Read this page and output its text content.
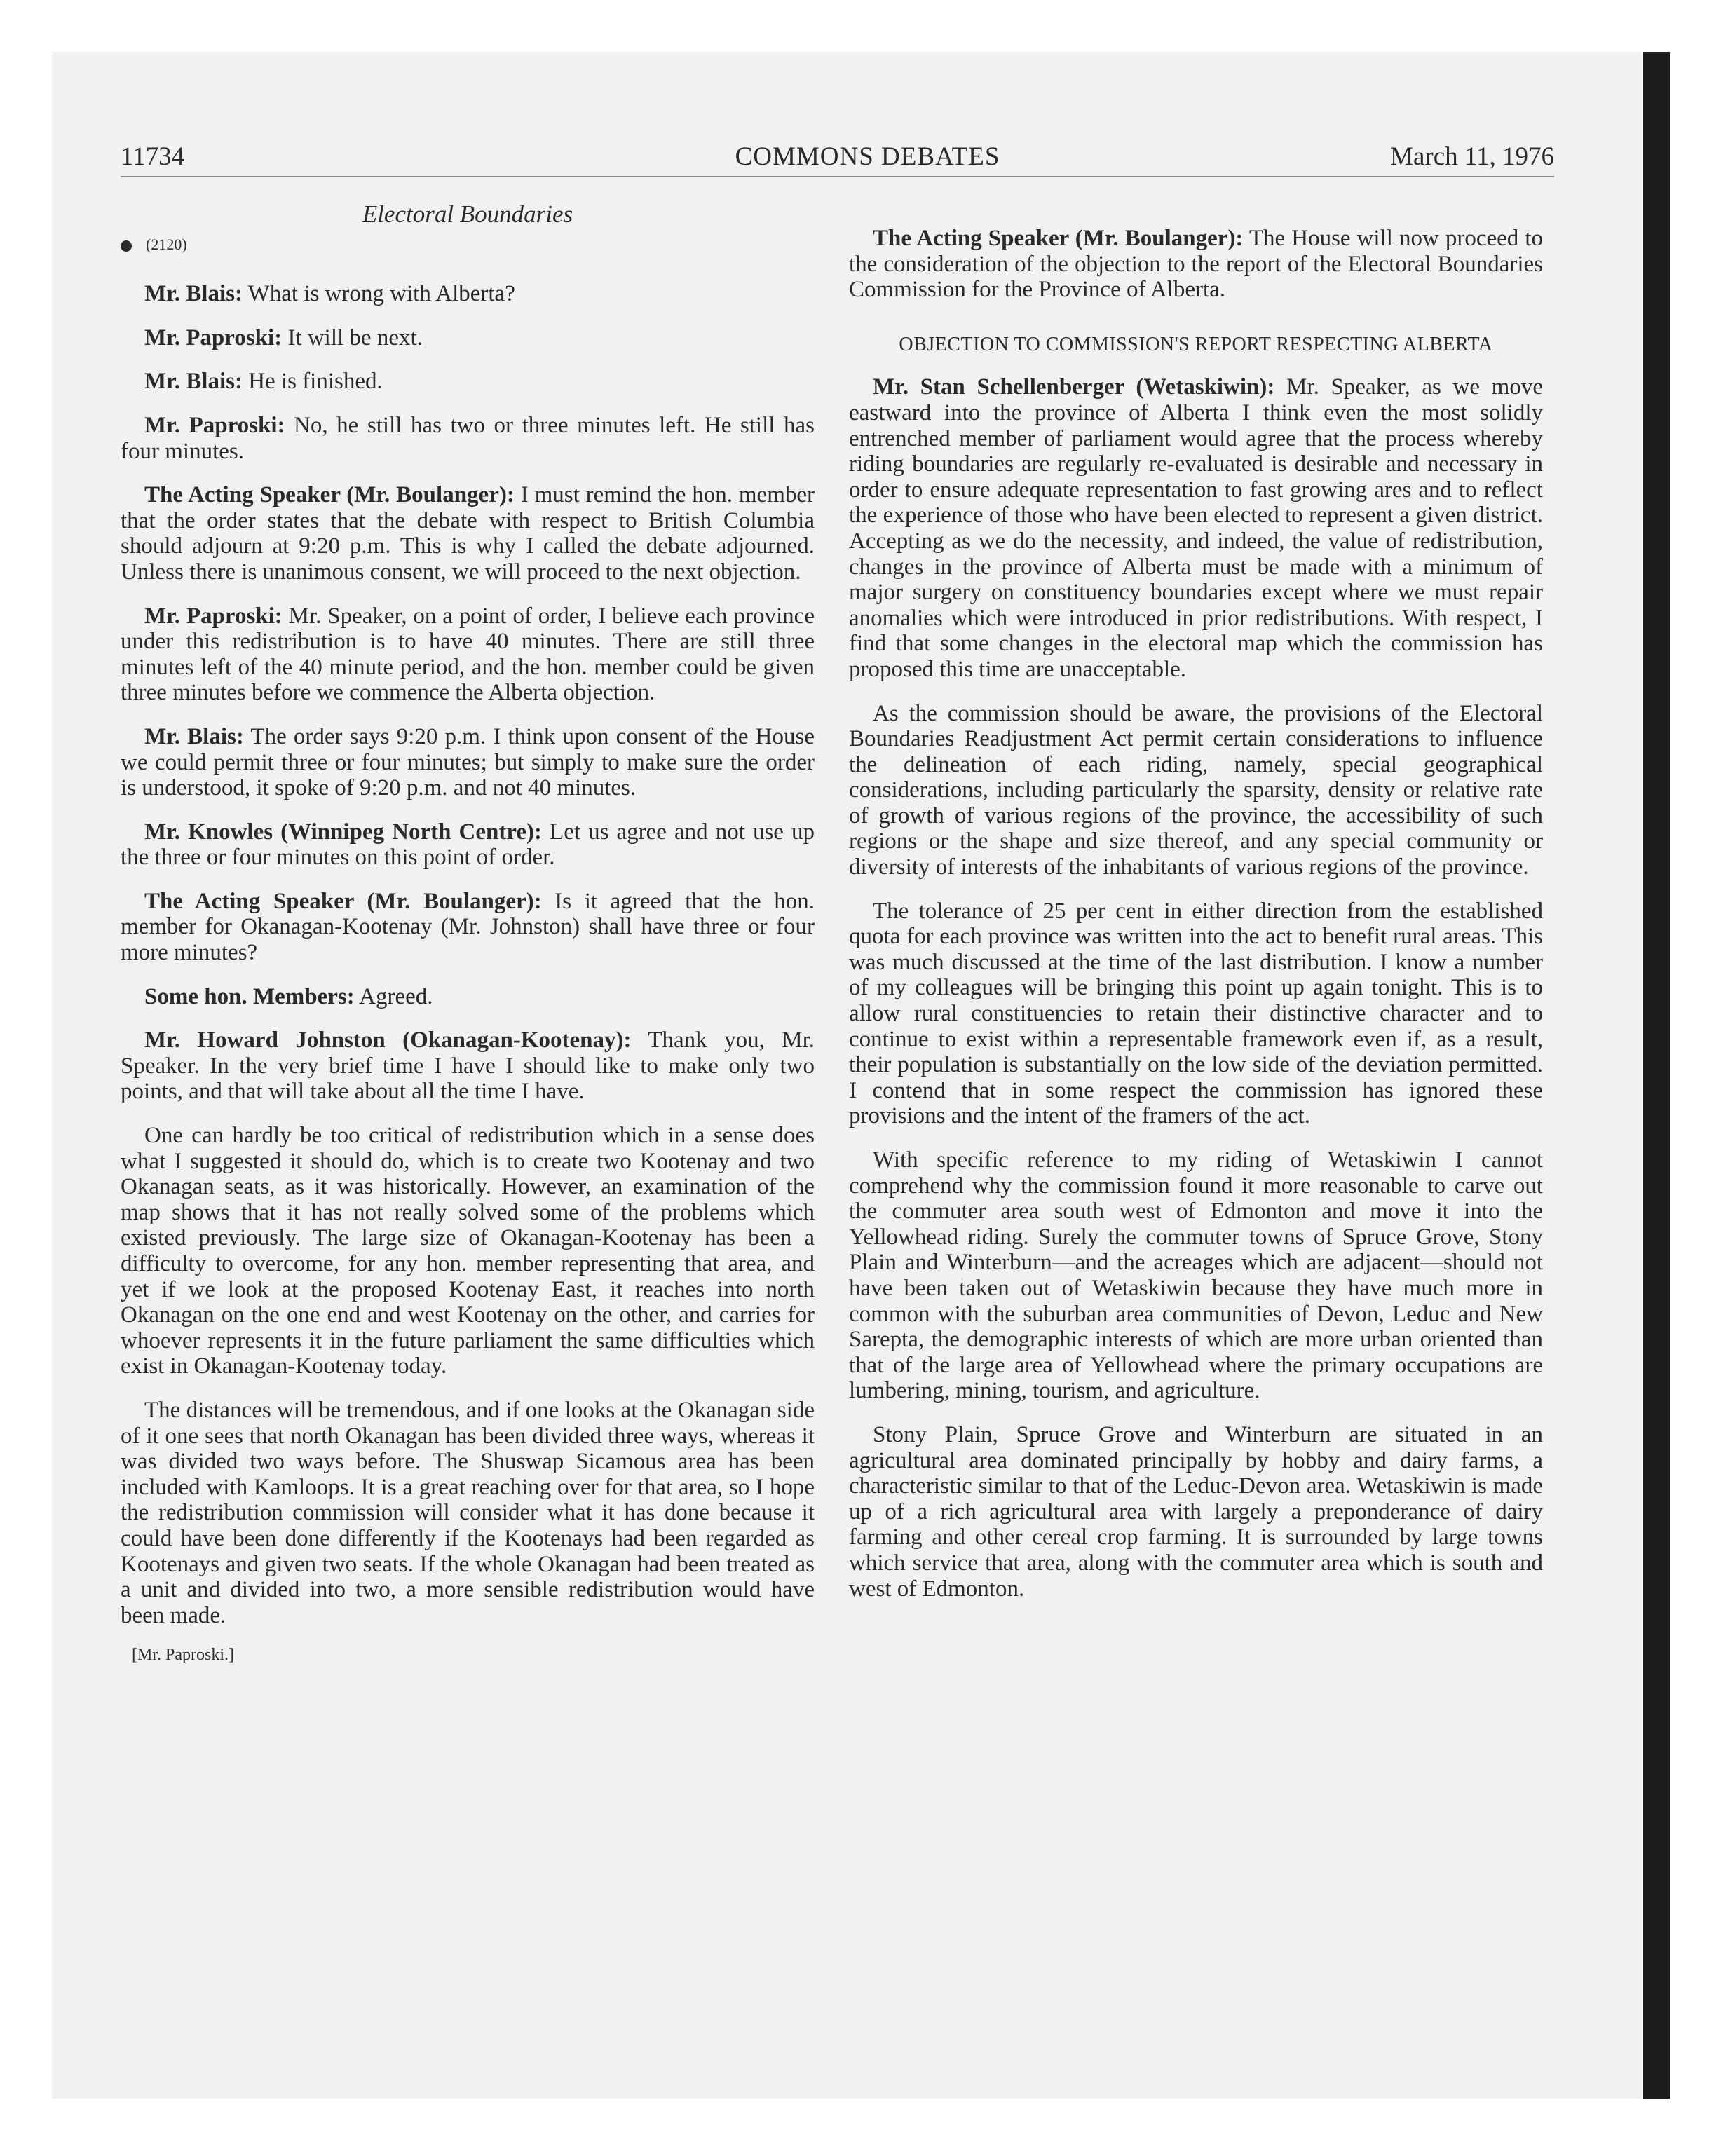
11734	COMMONS DEBATES	March 11, 1976
Electoral Boundaries
(2120)

Mr. Blais: What is wrong with Alberta?

Mr. Paproski: It will be next.

Mr. Blais: He is finished.

Mr. Paproski: No, he still has two or three minutes left. He still has four minutes.

The Acting Speaker (Mr. Boulanger): I must remind the hon. member that the order states that the debate with respect to British Columbia should adjourn at 9:20 p.m. This is why I called the debate adjourned. Unless there is unanimous consent, we will proceed to the next objection.

Mr. Paproski: Mr. Speaker, on a point of order, I believe each province under this redistribution is to have 40 minutes. There are still three minutes left of the 40 minute period, and the hon. member could be given three minutes before we commence the Alberta objection.

Mr. Blais: The order says 9:20 p.m. I think upon consent of the House we could permit three or four minutes; but simply to make sure the order is understood, it spoke of 9:20 p.m. and not 40 minutes.

Mr. Knowles (Winnipeg North Centre): Let us agree and not use up the three or four minutes on this point of order.

The Acting Speaker (Mr. Boulanger): Is it agreed that the hon. member for Okanagan-Kootenay (Mr. Johnston) shall have three or four more minutes?

Some hon. Members: Agreed.

Mr. Howard Johnston (Okanagan-Kootenay): Thank you, Mr. Speaker. In the very brief time I have I should like to make only two points, and that will take about all the time I have.

One can hardly be too critical of redistribution which in a sense does what I suggested it should do, which is to create two Kootenay and two Okanagan seats, as it was historically. However, an examination of the map shows that it has not really solved some of the problems which existed previously. The large size of Okanagan-Kootenay has been a difficulty to overcome, for any hon. member representing that area, and yet if we look at the proposed Kootenay East, it reaches into north Okanagan on the one end and west Kootenay on the other, and carries for whoever represents it in the future parliament the same difficulties which exist in Okanagan-Kootenay today.

The distances will be tremendous, and if one looks at the Okanagan side of it one sees that north Okanagan has been divided three ways, whereas it was divided two ways before. The Shuswap Sicamous area has been included with Kamloops. It is a great reaching over for that area, so I hope the redistribution commission will consider what it has done because it could have been done differently if the Kootenays had been regarded as Kootenays and given two seats. If the whole Okanagan had been treated as a unit and divided into two, a more sensible redistribution would have been made.

[Mr. Paproski.]

The Acting Speaker (Mr. Boulanger): The House will now proceed to the consideration of the objection to the report of the Electoral Boundaries Commission for the Province of Alberta.

OBJECTION TO COMMISSION'S REPORT RESPECTING ALBERTA

Mr. Stan Schellenberger (Wetaskiwin): Mr. Speaker, as we move eastward into the province of Alberta I think even the most solidly entrenched member of parliament would agree that the process whereby riding boundaries are regularly re-evaluated is desirable and necessary in order to ensure adequate representation to fast growing ares and to reflect the experience of those who have been elected to represent a given district. Accepting as we do the necessity, and indeed, the value of redistribution, changes in the province of Alberta must be made with a minimum of major surgery on constituency boundaries except where we must repair anomalies which were introduced in prior redistributions. With respect, I find that some changes in the electoral map which the commission has proposed this time are unacceptable.

As the commission should be aware, the provisions of the Electoral Boundaries Readjustment Act permit certain considerations to influence the delineation of each riding, namely, special geographical considerations, including particularly the sparsity, density or relative rate of growth of various regions of the province, the accessibility of such regions or the shape and size thereof, and any special community or diversity of interests of the inhabitants of various regions of the province.

The tolerance of 25 per cent in either direction from the established quota for each province was written into the act to benefit rural areas. This was much discussed at the time of the last distribution. I know a number of my colleagues will be bringing this point up again tonight. This is to allow rural constituencies to retain their distinctive character and to continue to exist within a representable framework even if, as a result, their population is substantially on the low side of the deviation permitted. I contend that in some respect the commission has ignored these provisions and the intent of the framers of the act.

With specific reference to my riding of Wetaskiwin I cannot comprehend why the commission found it more reasonable to carve out the commuter area south west of Edmonton and move it into the Yellowhead riding. Surely the commuter towns of Spruce Grove, Stony Plain and Winterburn—and the acreages which are adjacent—should not have been taken out of Wetaskiwin because they have much more in common with the suburban area communities of Devon, Leduc and New Sarepta, the demographic interests of which are more urban oriented than that of the large area of Yellowhead where the primary occupations are lumbering, mining, tourism, and agriculture.

Stony Plain, Spruce Grove and Winterburn are situated in an agricultural area dominated principally by hobby and dairy farms, a characteristic similar to that of the Leduc-Devon area. Wetaskiwin is made up of a rich agricultural area with largely a preponderance of dairy farming and other cereal crop farming. It is surrounded by large towns which service that area, along with the commuter area which is south and west of Edmonton.
